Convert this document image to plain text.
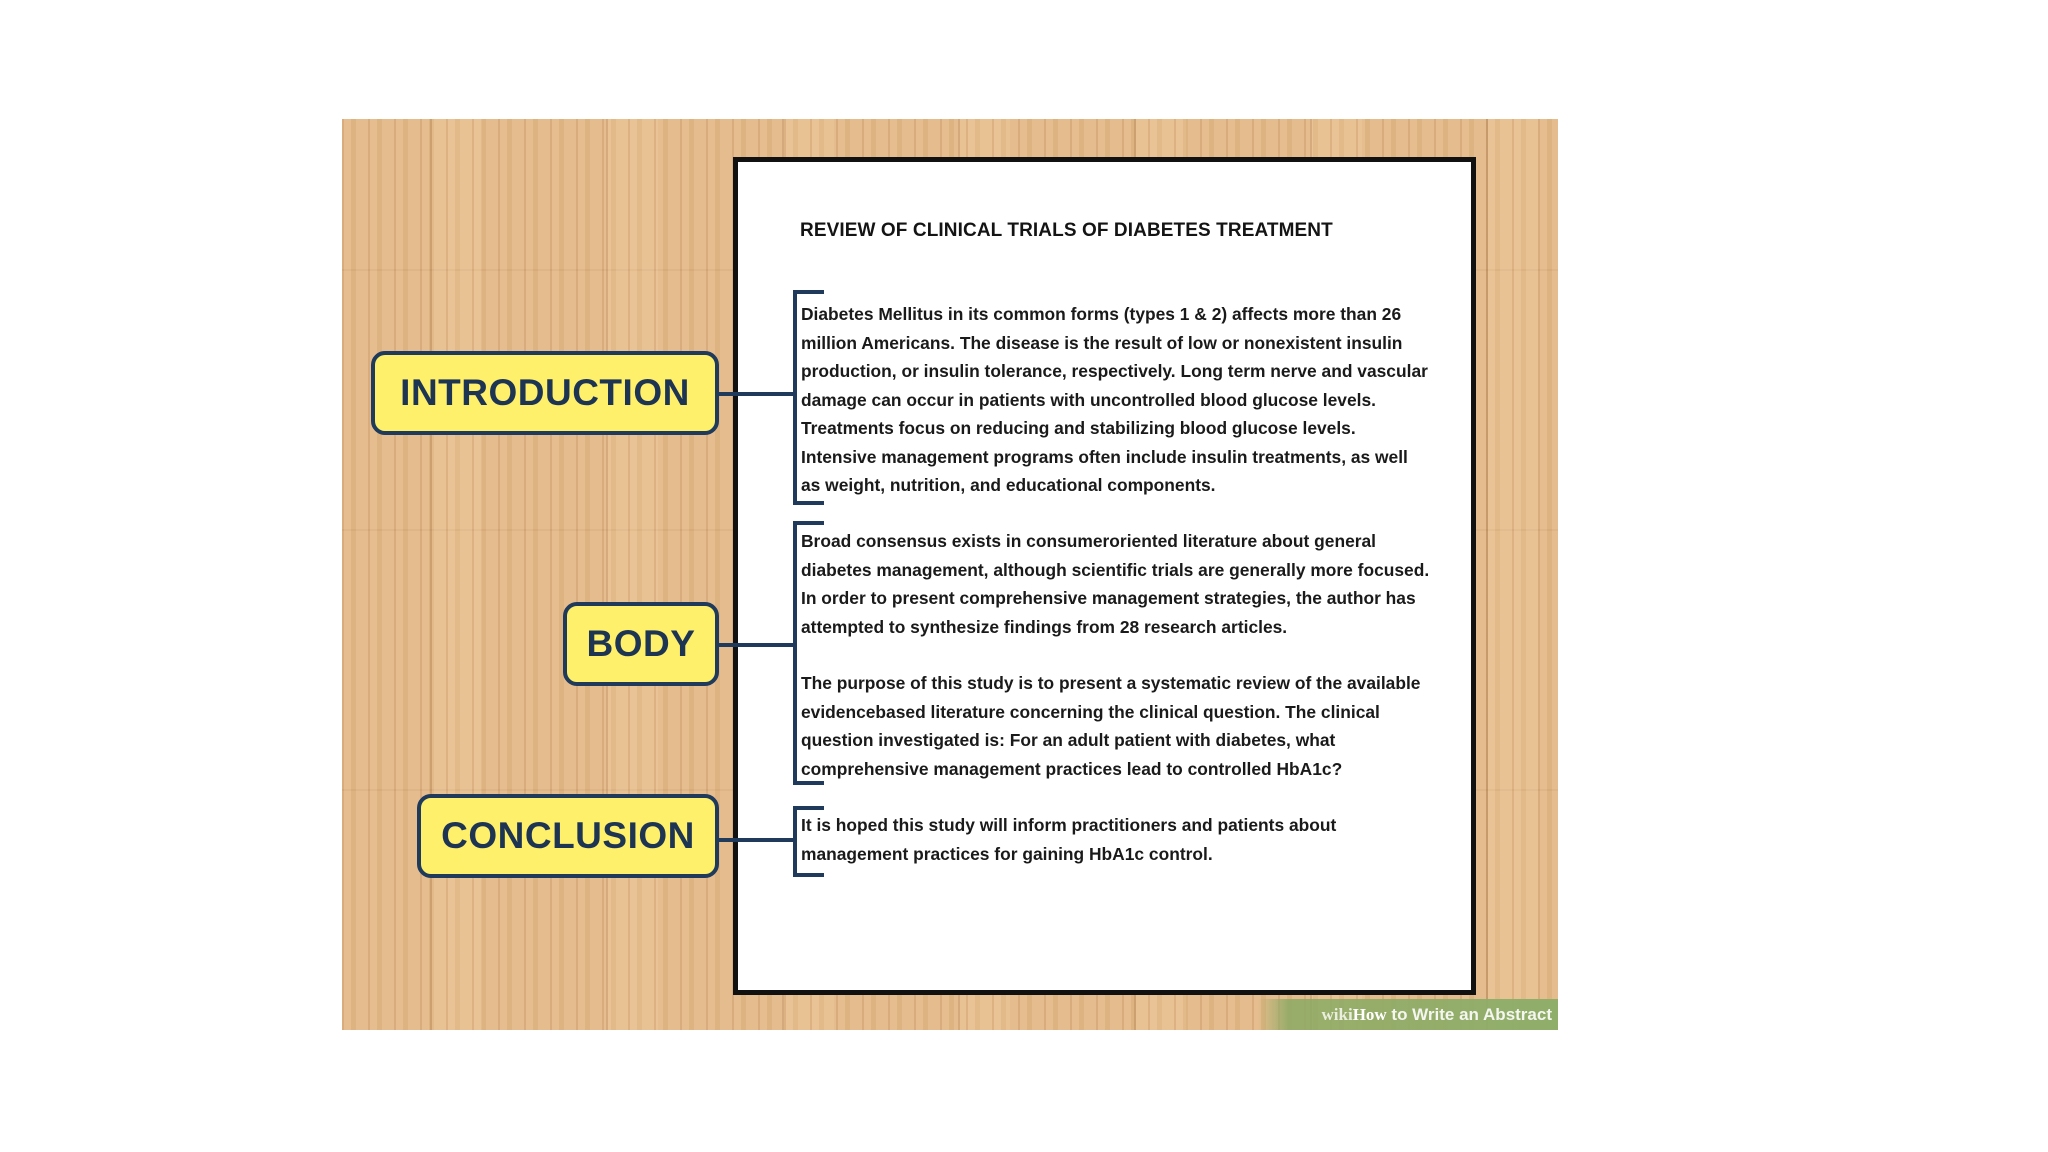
REVIEW OF CLINICAL TRIALS OF DIABETES TREATMENT
Diabetes Mellitus in its common forms (types 1 & 2) affects more than 26
million Americans. The disease is the result of low or nonexistent insulin
production, or insulin tolerance, respectively. Long term nerve and vascular
damage can occur in patients with uncontrolled blood glucose levels.
Treatments focus on reducing and stabilizing blood glucose levels.
Intensive management programs often include insulin treatments, as well
as weight, nutrition, and educational components.
Broad consensus exists in consumeroriented literature about general
diabetes management, although scientific trials are generally more focused.
In order to present comprehensive management strategies, the author has
attempted to synthesize findings from 28 research articles.
The purpose of this study is to present a systematic review of the available
evidencebased literature concerning the clinical question. The clinical
question investigated is: For an adult patient with diabetes, what
comprehensive management practices lead to controlled HbA1c?
It is hoped this study will inform practitioners and patients about
management practices for gaining HbA1c control.
INTRODUCTION
BODY
CONCLUSION
wikiHow to Write an Abstract
